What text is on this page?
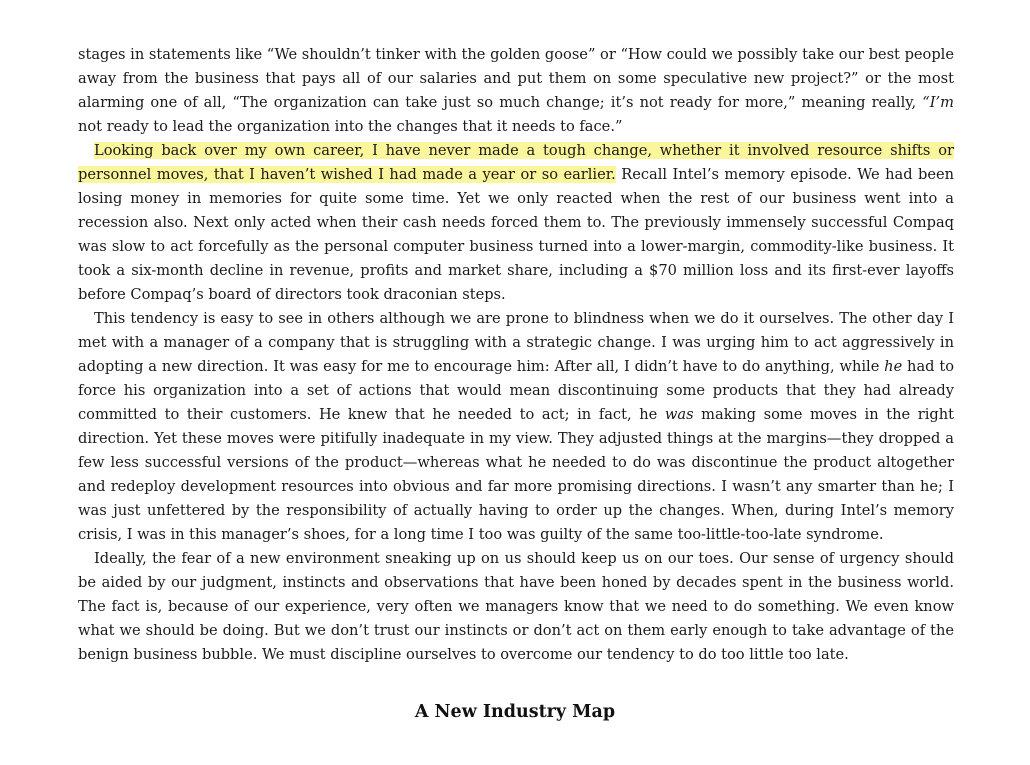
stages in statements like “We shouldn’t tinker with the golden goose” or “How could we possibly take our best people away from the business that pays all of our salaries and put them on some speculative new project?” or the most alarming one of all, “The organization can take just so much change; it’s not ready for more,” meaning really, “I’m not ready to lead the organization into the changes that it needs to face.”

Looking back over my own career, I have never made a tough change, whether it involved resource shifts or personnel moves, that I haven’t wished I had made a year or so earlier. Recall Intel’s memory episode. We had been losing money in memories for quite some time. Yet we only reacted when the rest of our business went into a recession also. Next only acted when their cash needs forced them to. The previously immensely successful Compaq was slow to act forcefully as the personal computer business turned into a lower-margin, commodity-like business. It took a six-month decline in revenue, profits and market share, including a $70 million loss and its first-ever layoffs before Compaq’s board of directors took draconian steps.

This tendency is easy to see in others although we are prone to blindness when we do it ourselves. The other day I met with a manager of a company that is struggling with a strategic change. I was urging him to act aggressively in adopting a new direction. It was easy for me to encourage him: After all, I didn’t have to do anything, while he had to force his organization into a set of actions that would mean discontinuing some products that they had already committed to their customers. He knew that he needed to act; in fact, he was making some moves in the right direction. Yet these moves were pitifully inadequate in my view. They adjusted things at the margins—they dropped a few less successful versions of the product—whereas what he needed to do was discontinue the product altogether and redeploy development resources into obvious and far more promising directions. I wasn’t any smarter than he; I was just unfettered by the responsibility of actually having to order up the changes. When, during Intel’s memory crisis, I was in this manager’s shoes, for a long time I too was guilty of the same too-little-too-late syndrome.

Ideally, the fear of a new environment sneaking up on us should keep us on our toes. Our sense of urgency should be aided by our judgment, instincts and observations that have been honed by decades spent in the business world. The fact is, because of our experience, very often we managers know that we need to do something. We even know what we should be doing. But we don’t trust our instincts or don’t act on them early enough to take advantage of the benign business bubble. We must discipline ourselves to overcome our tendency to do too little too late.

A New Industry Map
